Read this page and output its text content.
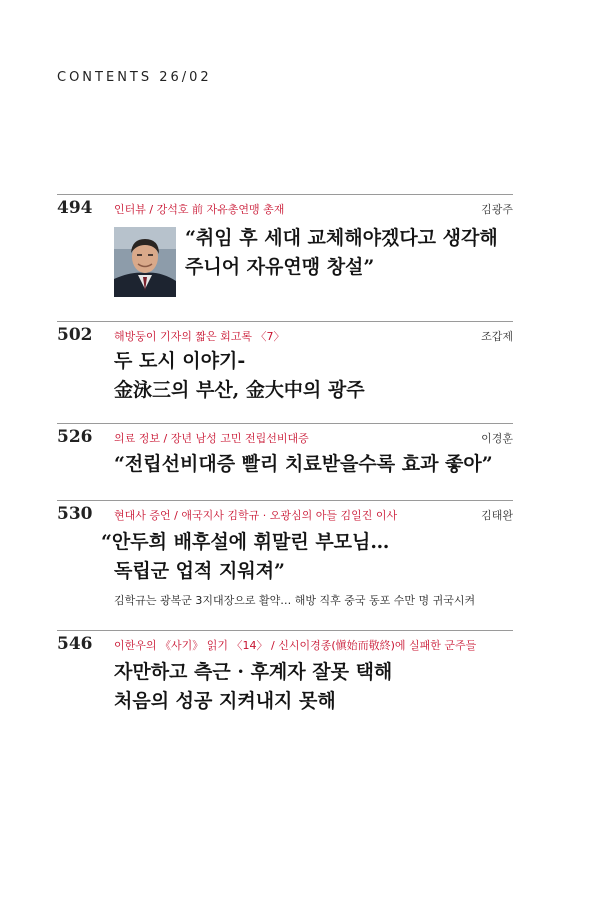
CONTENTS 26/02
494 인터뷰 / 강석호 前 자유총연맹 총재	김광주
“취임 후 세대 교체해야겠다고 생각해
주니어 자유연맹 창설”
502 해방둥이 기자의 짧은 회고록 〈7〉	조갑제
두 도시 이야기-
金泳三의 부산, 金大中의 광주
526 의료 정보 / 장년 남성 고민 전립선비대증	이경훈
“전립선비대증 빨리 치료받을수록 효과 좋아”
530 현대사 증언 / 애국지사 김학규 · 오광심의 아들 김일진 이사	김태완
“안두희 배후설에 휘말린 부모님…
독립군 업적 지워져”
김학규는 광복군 3지대장으로 활약… 해방 직후 중국 동포 수만 명 귀국시켜
546 이한우의 《사기》 읽기 〈14〉 / 신시이경종(愼始而敬終)에 실패한 군주들
자만하고 측근 · 후계자 잘못 택해
처음의 성공 지켜내지 못해
